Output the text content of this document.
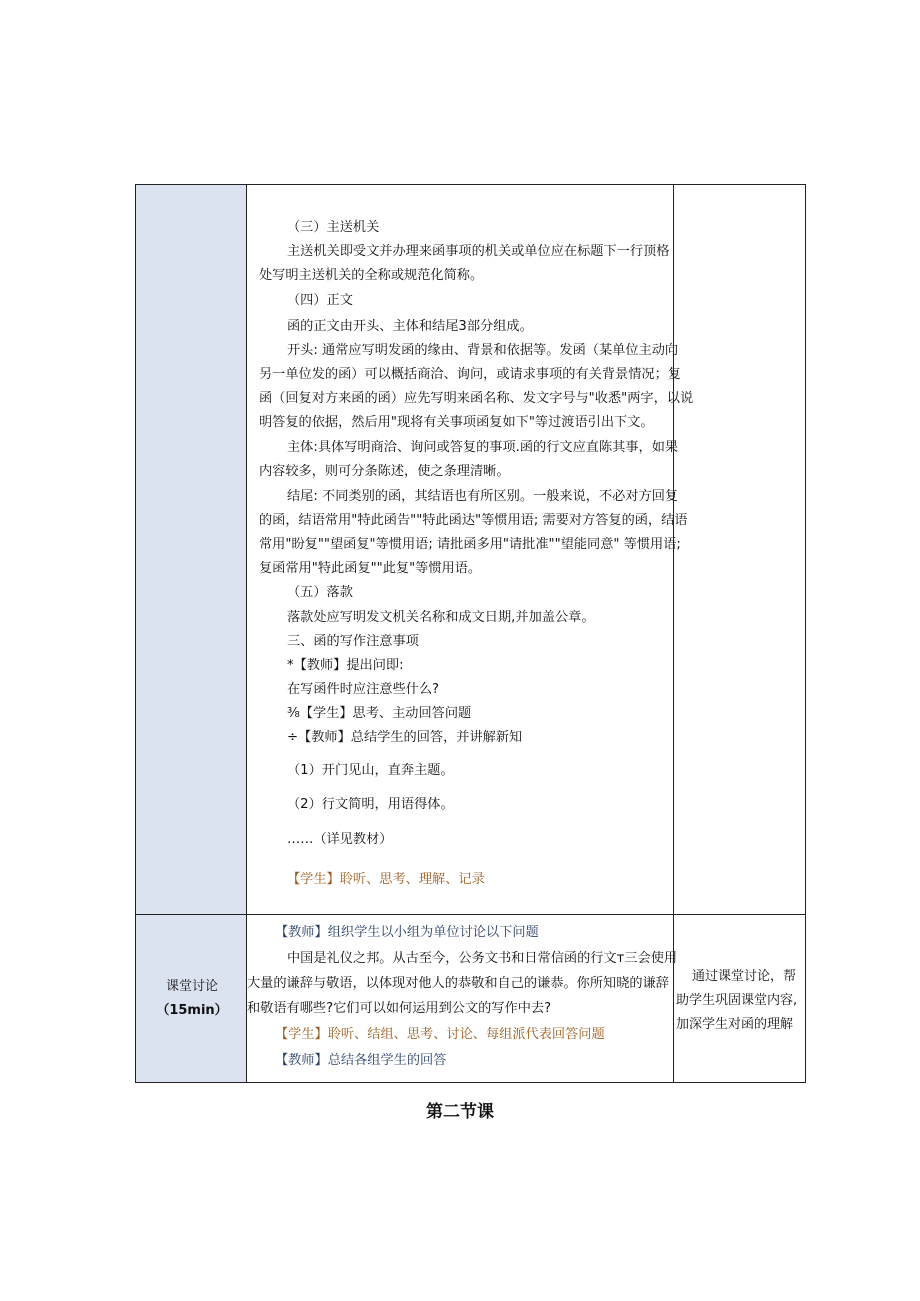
（三）主送机关
主送机关即受文并办理来函事项的机关或单位应在标题下一行顶格
处写明主送机关的全称或规范化简称。
（四）正文
函的正文由开头、主体和结尾3部分组成。
开头: 通常应写明发函的缘由、背景和依据等。发函（某单位主动向
另一单位发的函）可以概括商洽、询问，或请求事项的有关背景情况；复
函（回复对方来函的函）应先写明来函名称、发文字号与"收悉"两字，以说
明答复的依据，然后用"现将有关事项函复如下"等过渡语引出下文。
主体:具体写明商洽、询问或答复的事项.函的行文应直陈其事，如果
内容较多，则可分条陈述，使之条理清晰。
结尾: 不同类别的函，其结语也有所区别。一般来说，不必对方回复
的函，结语常用"特此函告""特此函达"等惯用语; 需要对方答复的函，结语
常用"盼复""望函复"等惯用语; 请批函多用"请批准""望能同意" 等惯用语;
复函常用"特此函复""此复"等惯用语。
（五）落款
落款处应写明发文机关名称和成文日期,并加盖公章。
三、函的写作注意事项
*【教师】提出问即:
在写函件时应注意些什么?
⅜【学生】思考、主动回答问题
÷【教师】总结学生的回答，并讲解新知
（1）开门见山，直奔主题。
（2）行文简明，用语得体。
……（详见教材）
【学生】聆听、思考、理解、记录
课堂讨论
（15min）
【教师】组织学生以小组为单位讨论以下问题
中国是礼仪之邦。从古至今，公务文书和日常信函的行文т三会使用
大量的谦辞与敬语，以体现对他人的恭敬和自己的谦恭。你所知晓的谦辞
和敬语有哪些?它们可以如何运用到公文的写作中去?
【学生】聆听、结组、思考、讨论、每组派代表回答问题
【教师】总结各组学生的回答
通过课堂讨论，帮
助学生巩固课堂内容,
加深学生对函的理解
第二节课
